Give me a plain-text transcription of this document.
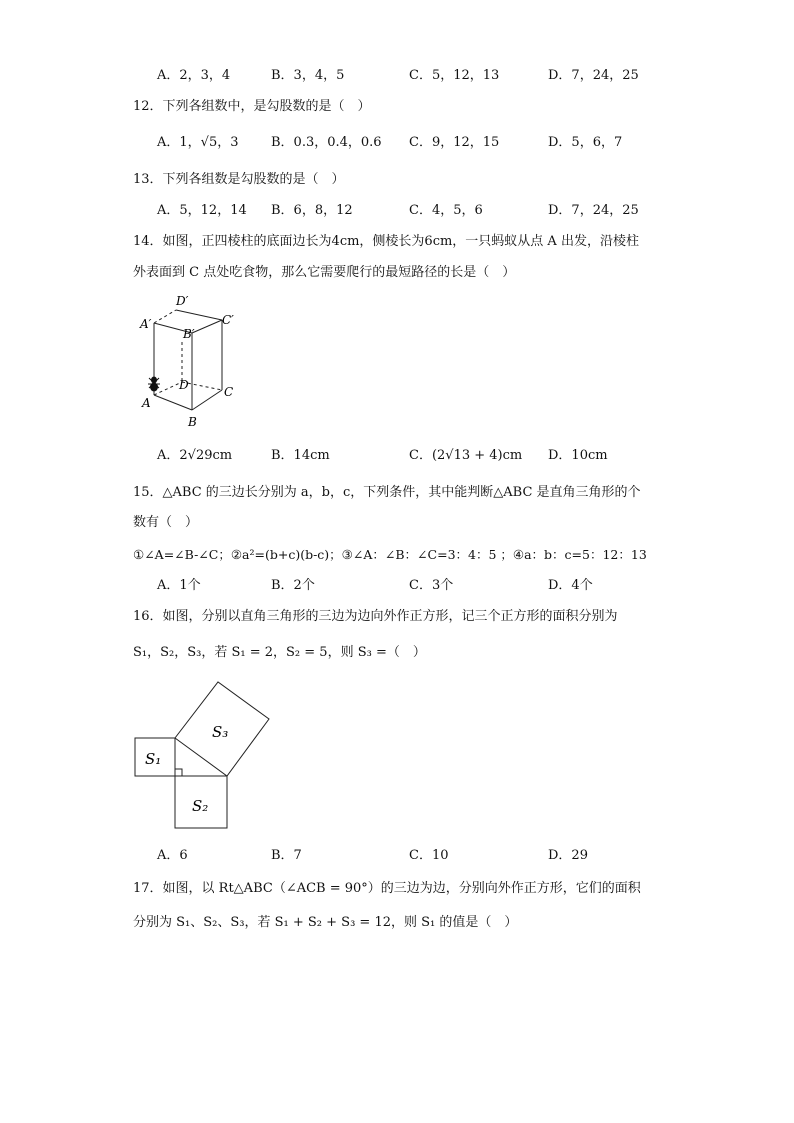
A．2，3，4	B．3，4，5	C．5，12，13	D．7，24，25
12．下列各组数中，是勾股数的是（　）
A．1，√5，3	B．0.3，0.4，0.6 C．9，12，15	D．5，6，7
13．下列各组数是勾股数的是（　）
A．5，12，14 B．6，8，12	C．4，5，6	D．7，24，25
14．如图，正四棱柱的底面边长为4cm，侧棱长为6cm，一只蚂蚁从点 A 出发，沿棱柱
外表面到 C 点处吃食物，那么它需要爬行的最短路径的长是（　）
D′
A′
B′
C′
D	C
A
B
A．2√29cm	B．14cm	C．(2√13 + 4)cm D．10cm
15．△ABC 的三边长分别为 a，b，c，下列条件，其中能判断△ABC 是直角三角形的个
数有（　）
①∠A=∠B-∠C；②a²=(b+c)(b-c)；③∠A：∠B：∠C=3：4：5 ；④a：b：c=5：12：13
A．1个	B．2个	C．3个	D．4个
16．如图，分别以直角三角形的三边为边向外作正方形，记三个正方形的面积分别为
S₁，S₂，S₃，若 S₁ = 2，S₂ = 5，则 S₃ =（　）
S₁
S₂
S₃
A．6	B．7	C．10	D．29
17．如图，以 Rt△ABC（∠ACB = 90°）的三边为边，分别向外作正方形，它们的面积
分别为 S₁、S₂、S₃，若 S₁ + S₂ + S₃ = 12，则 S₁ 的值是（　）
